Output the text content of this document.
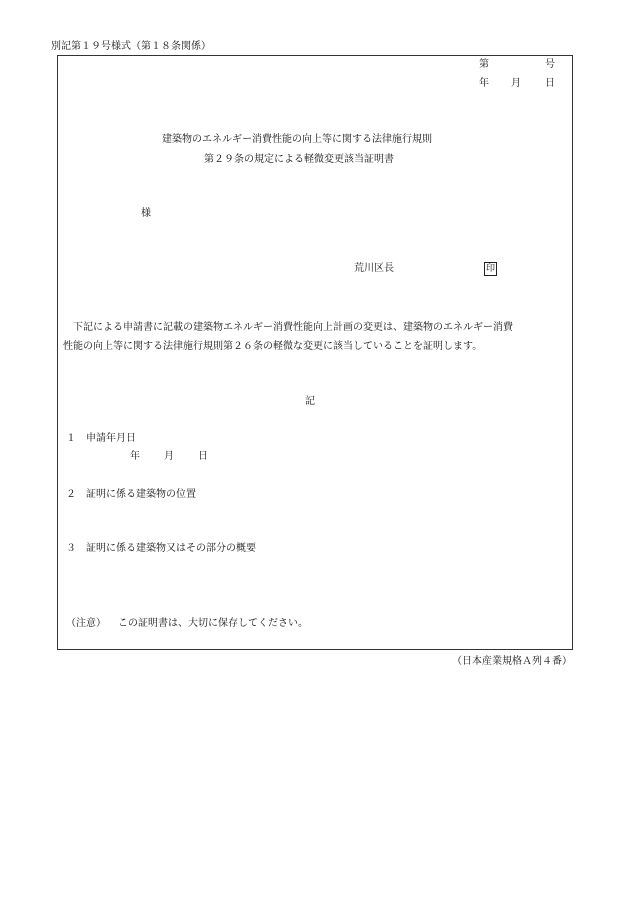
別記第１９号様式（第１８条関係）
第	号
年 月 日
建築物のエネルギー消費性能の向上等に関する法律施行規則
第２９条の規定による軽微変更該当証明書
様
荒川区長	印
下記による申請書に記載の建築物エネルギー消費性能向上計画の変更は、建築物のエネルギー消費
性能の向上等に関する法律施行規則第２６条の軽微な変更に該当していることを証明します。
記
１ 申請年月日
年 月 日
２ 証明に係る建築物の位置
３ 証明に係る建築物又はその部分の概要
（注意） この証明書は、大切に保存してください。
（日本産業規格Ａ列４番）
